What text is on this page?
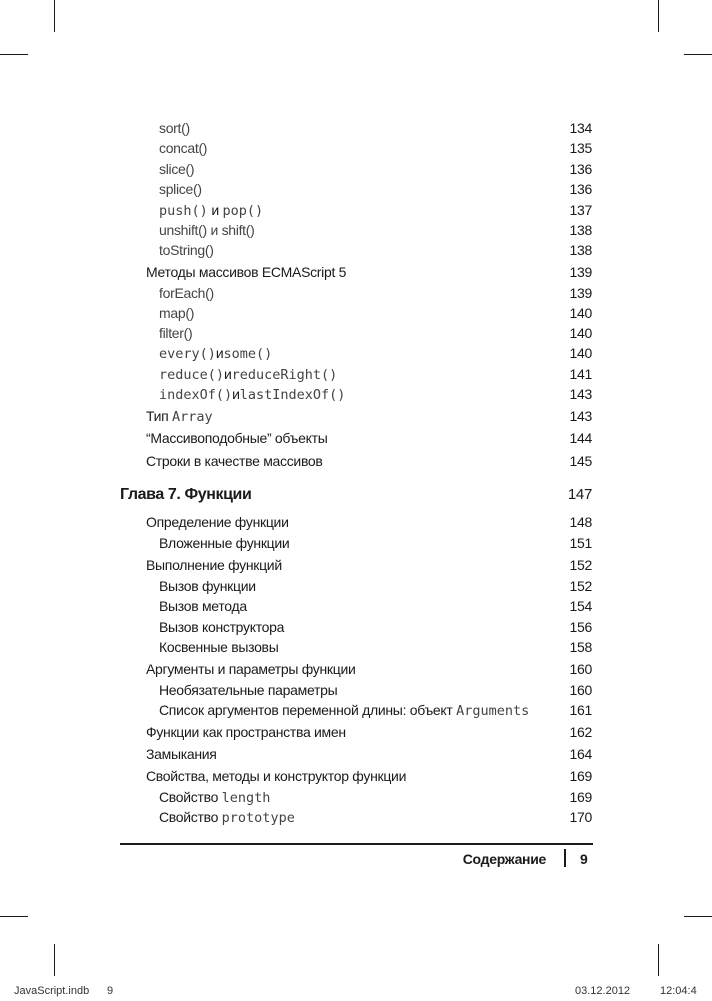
sort()	134
concat()	135
slice()	136
splice()	136
push() и pop()	137
unshift() и shift()	138
toString()	138
Методы массивов ECMAScript 5	139
forEach()	139
map()	140
filter()	140
every()иsome()	140
reduce()иreduceRight()	141
indexOf()иlastIndexOf()	143
Тип Array	143
“Массивоподобные” объекты	144
Строки в качестве массивов	145
Глава 7. Функции	147
Определение функции	148
Вложенные функции	151
Выполнение функций	152
Вызов функции	152
Вызов метода	154
Вызов конструктора	156
Косвенные вызовы	158
Аргументы и параметры функции	160
Необязательные параметры	160
Список аргументов переменной длины: объект Arguments	161
Функции как пространства имен	162
Замыкания	164
Свойства, методы и конструктор функции	169
Свойство length	169
Свойство prototype	170
Содержание 9
JavaScript.indb 9	03.12.2012	12:04:4
